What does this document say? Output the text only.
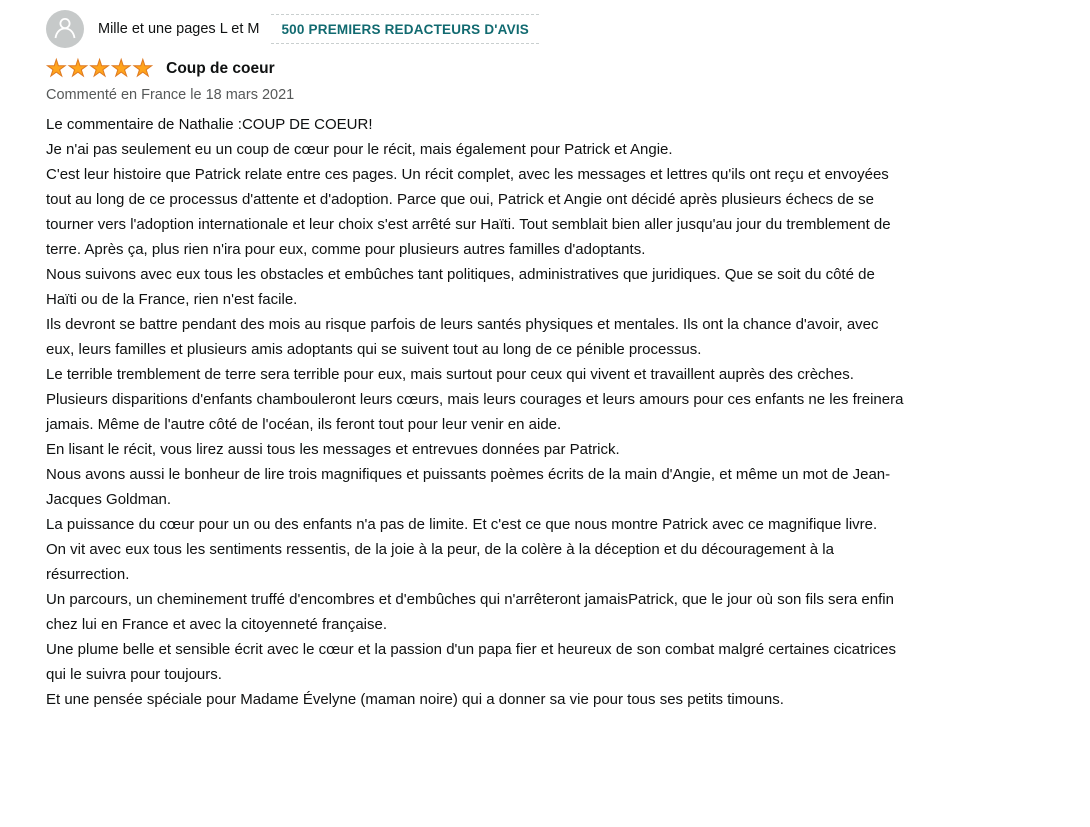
Mille et une pages L et M	500 PREMIERS REDACTEURS D'AVIS
★ ★ ★ ★ ★ Coup de coeur
Commenté en France le 18 mars 2021
Le commentaire de Nathalie :COUP DE COEUR!
Je n'ai pas seulement eu un coup de cœur pour le récit, mais également pour Patrick et Angie.
C'est leur histoire que Patrick relate entre ces pages. Un récit complet, avec les messages et lettres qu'ils ont reçu et envoyées tout au long de ce processus d'attente et d'adoption. Parce que oui, Patrick et Angie ont décidé après plusieurs échecs de se tourner vers l'adoption internationale et leur choix s'est arrêté sur Haïti. Tout semblait bien aller jusqu'au jour du tremblement de terre. Après ça, plus rien n'ira pour eux, comme pour plusieurs autres familles d'adoptants.
Nous suivons avec eux tous les obstacles et embûches tant politiques, administratives que juridiques. Que se soit du côté de Haïti ou de la France, rien n'est facile.
Ils devront se battre pendant des mois au risque parfois de leurs santés physiques et mentales. Ils ont la chance d'avoir, avec eux, leurs familles et plusieurs amis adoptants qui se suivent tout au long de ce pénible processus.
Le terrible tremblement de terre sera terrible pour eux, mais surtout pour ceux qui vivent et travaillent auprès des crèches. Plusieurs disparitions d'enfants chambouleront leurs cœurs, mais leurs courages et leurs amours pour ces enfants ne les freinera jamais. Même de l'autre côté de l'océan, ils feront tout pour leur venir en aide.
En lisant le récit, vous lirez aussi tous les messages et entrevues données par Patrick.
Nous avons aussi le bonheur de lire trois magnifiques et puissants poèmes écrits de la main d'Angie, et même un mot de Jean-Jacques Goldman.
La puissance du cœur pour un ou des enfants n'a pas de limite. Et c'est ce que nous montre Patrick avec ce magnifique livre.
On vit avec eux tous les sentiments ressentis, de la joie à la peur, de la colère à la déception et du découragement à la résurrection.
Un parcours, un cheminement truffé d'encombres et d'embûches qui n'arrêteront jamaisPatrick, que le jour où son fils sera enfin chez lui en France et avec la citoyenneté française.
Une plume belle et sensible écrit avec le cœur et la passion d'un papa fier et heureux de son combat malgré certaines cicatrices qui le suivra pour toujours.
Et une pensée spéciale pour Madame Évelyne (maman noire) qui a donner sa vie pour tous ses petits timouns.
